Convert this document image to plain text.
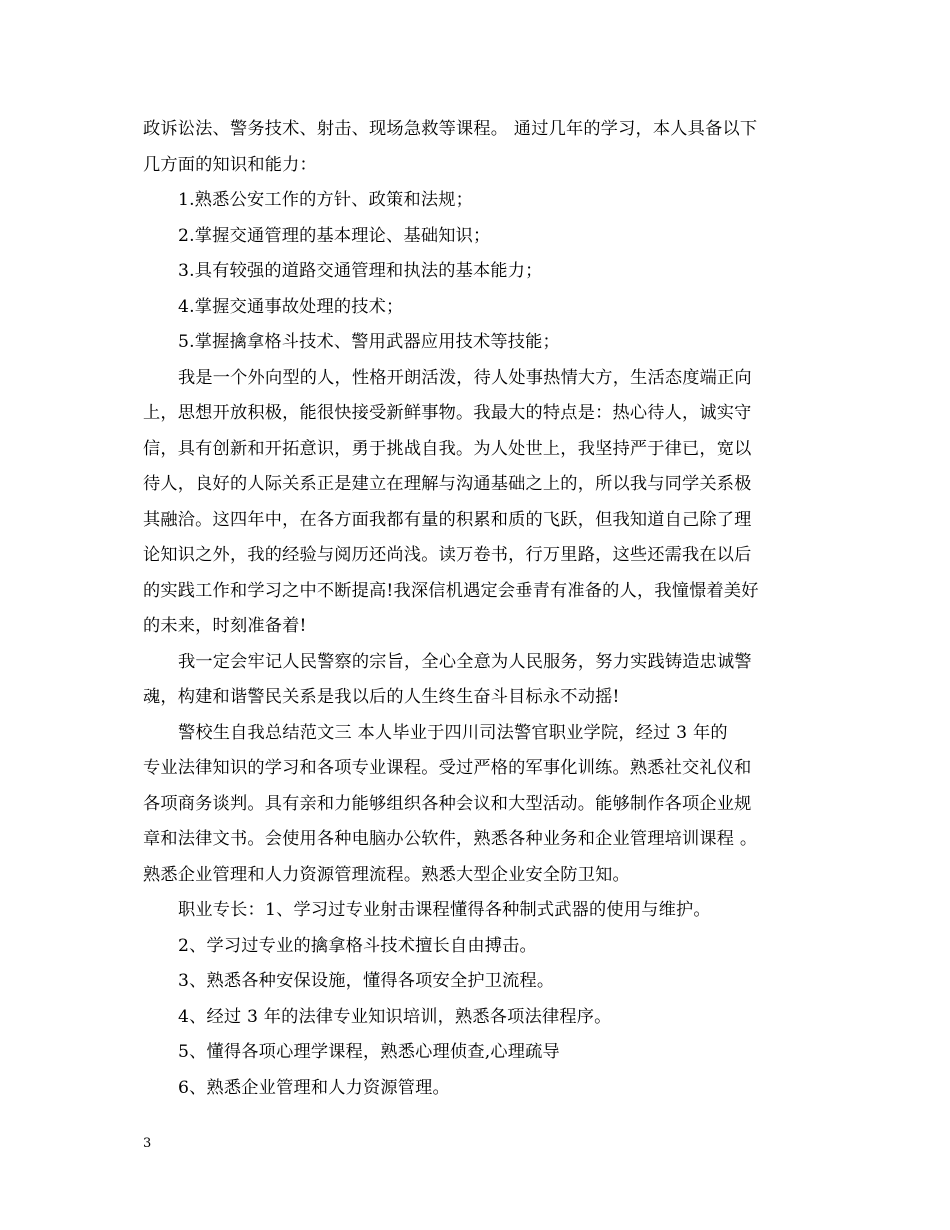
政诉讼法、警务技术、射击、现场急救等课程。 通过几年的学习，本人具备以下
几方面的知识和能力：
1.熟悉公安工作的方针、政策和法规；
2.掌握交通管理的基本理论、基础知识；
3.具有较强的道路交通管理和执法的基本能力；
4.掌握交通事故处理的技术；
5.掌握擒拿格斗技术、警用武器应用技术等技能；
我是一个外向型的人，性格开朗活泼，待人处事热情大方，生活态度端正向
上，思想开放积极，能很快接受新鲜事物。我最大的特点是：热心待人，诚实守
信，具有创新和开拓意识，勇于挑战自我。为人处世上，我坚持严于律已，宽以
待人，良好的人际关系正是建立在理解与沟通基础之上的，所以我与同学关系极
其融洽。这四年中，在各方面我都有量的积累和质的飞跃，但我知道自己除了理
论知识之外，我的经验与阅历还尚浅。读万卷书，行万里路，这些还需我在以后
的实践工作和学习之中不断提高!我深信机遇定会垂青有准备的人，我憧憬着美好
的未来，时刻准备着!
我一定会牢记人民警察的宗旨，全心全意为人民服务，努力实践铸造忠诚警
魂，构建和谐警民关系是我以后的人生终生奋斗目标永不动摇!
警校生自我总结范文三 本人毕业于四川司法警官职业学院，经过 3 年的
专业法律知识的学习和各项专业课程。受过严格的军事化训练。熟悉社交礼仪和
各项商务谈判。具有亲和力能够组织各种会议和大型活动。能够制作各项企业规
章和法律文书。会使用各种电脑办公软件，熟悉各种业务和企业管理培训课程 。
熟悉企业管理和人力资源管理流程。熟悉大型企业安全防卫知。
职业专长：1、学习过专业射击课程懂得各种制式武器的使用与维护。
2、学习过专业的擒拿格斗技术擅长自由搏击。
3、熟悉各种安保设施，懂得各项安全护卫流程。
4、经过 3 年的法律专业知识培训，熟悉各项法律程序。
5、懂得各项心理学课程，熟悉心理侦查,心理疏导
6、熟悉企业管理和人力资源管理。
3
